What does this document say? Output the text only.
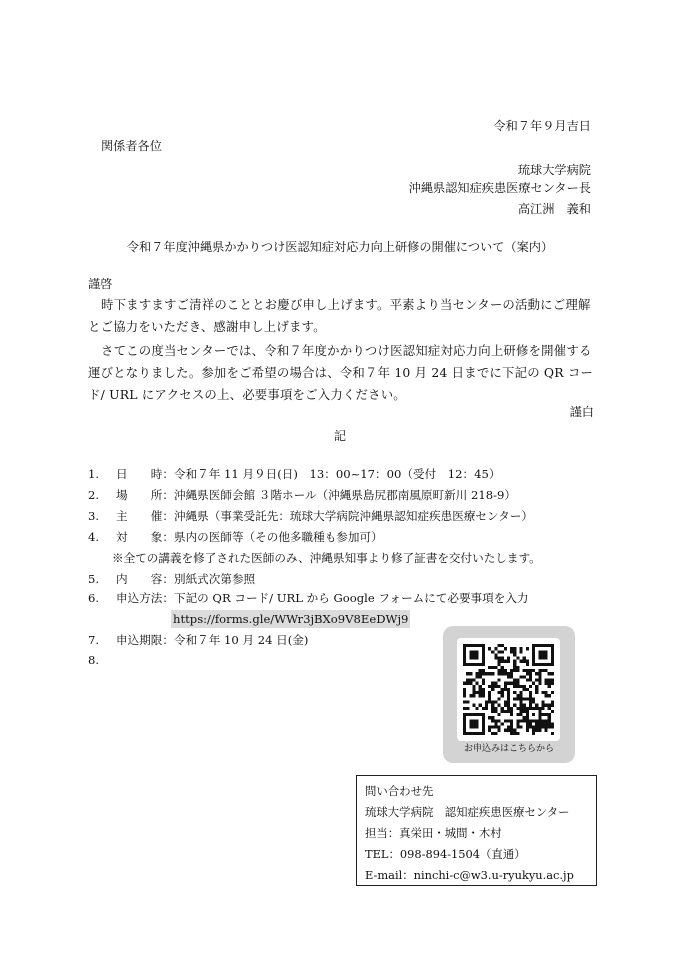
令和７年９月吉日
関係者各位
琉球大学病院
沖縄県認知症疾患医療センター長
高江洲　義和
令和７年度沖縄県かかりつけ医認知症対応力向上研修の開催について（案内）
謹啓
時下ますますご清祥のこととお慶び申し上げます。平素より当センターの活動にご理解とご協力をいただき、感謝申し上げます。
さてこの度当センターでは、令和７年度かかりつけ医認知症対応力向上研修を開催する運びとなりました。参加をご希望の場合は、令和７年 10 月 24 日までに下記の QR コード/ URL にアクセスの上、必要事項をご入力ください。
謹白
記
1. 日　　時：令和７年 11 月９日(日)　13：00~17：00（受付　12：45）
2. 場　　所：沖縄県医師会館 ３階ホール（沖縄県島尻郡南風原町新川 218-9）
3. 主　　催：沖縄県（事業受託先：琉球大学病院沖縄県認知症疾患医療センター）
4. 対　　象：県内の医師等（その他多職種も参加可）
※全ての講義を修了された医師のみ、沖縄県知事より修了証書を交付いたします。
5. 内　　容：別紙式次第参照
6. 申込方法：下記の QR コード/ URL から Google フォームにて必要事項を入力
https://forms.gle/WWr3jBXo9V8EeDWj9
7. 申込期限：令和７年 10 月 24 日(金)
8.
お申込みはこちらから
問い合わせ先
琉球大学病院　認知症疾患医療センター
担当：真栄田・城間・木村
TEL：098-894-1504（直通）
E-mail：ninchi-c@w3.u-ryukyu.ac.jp
